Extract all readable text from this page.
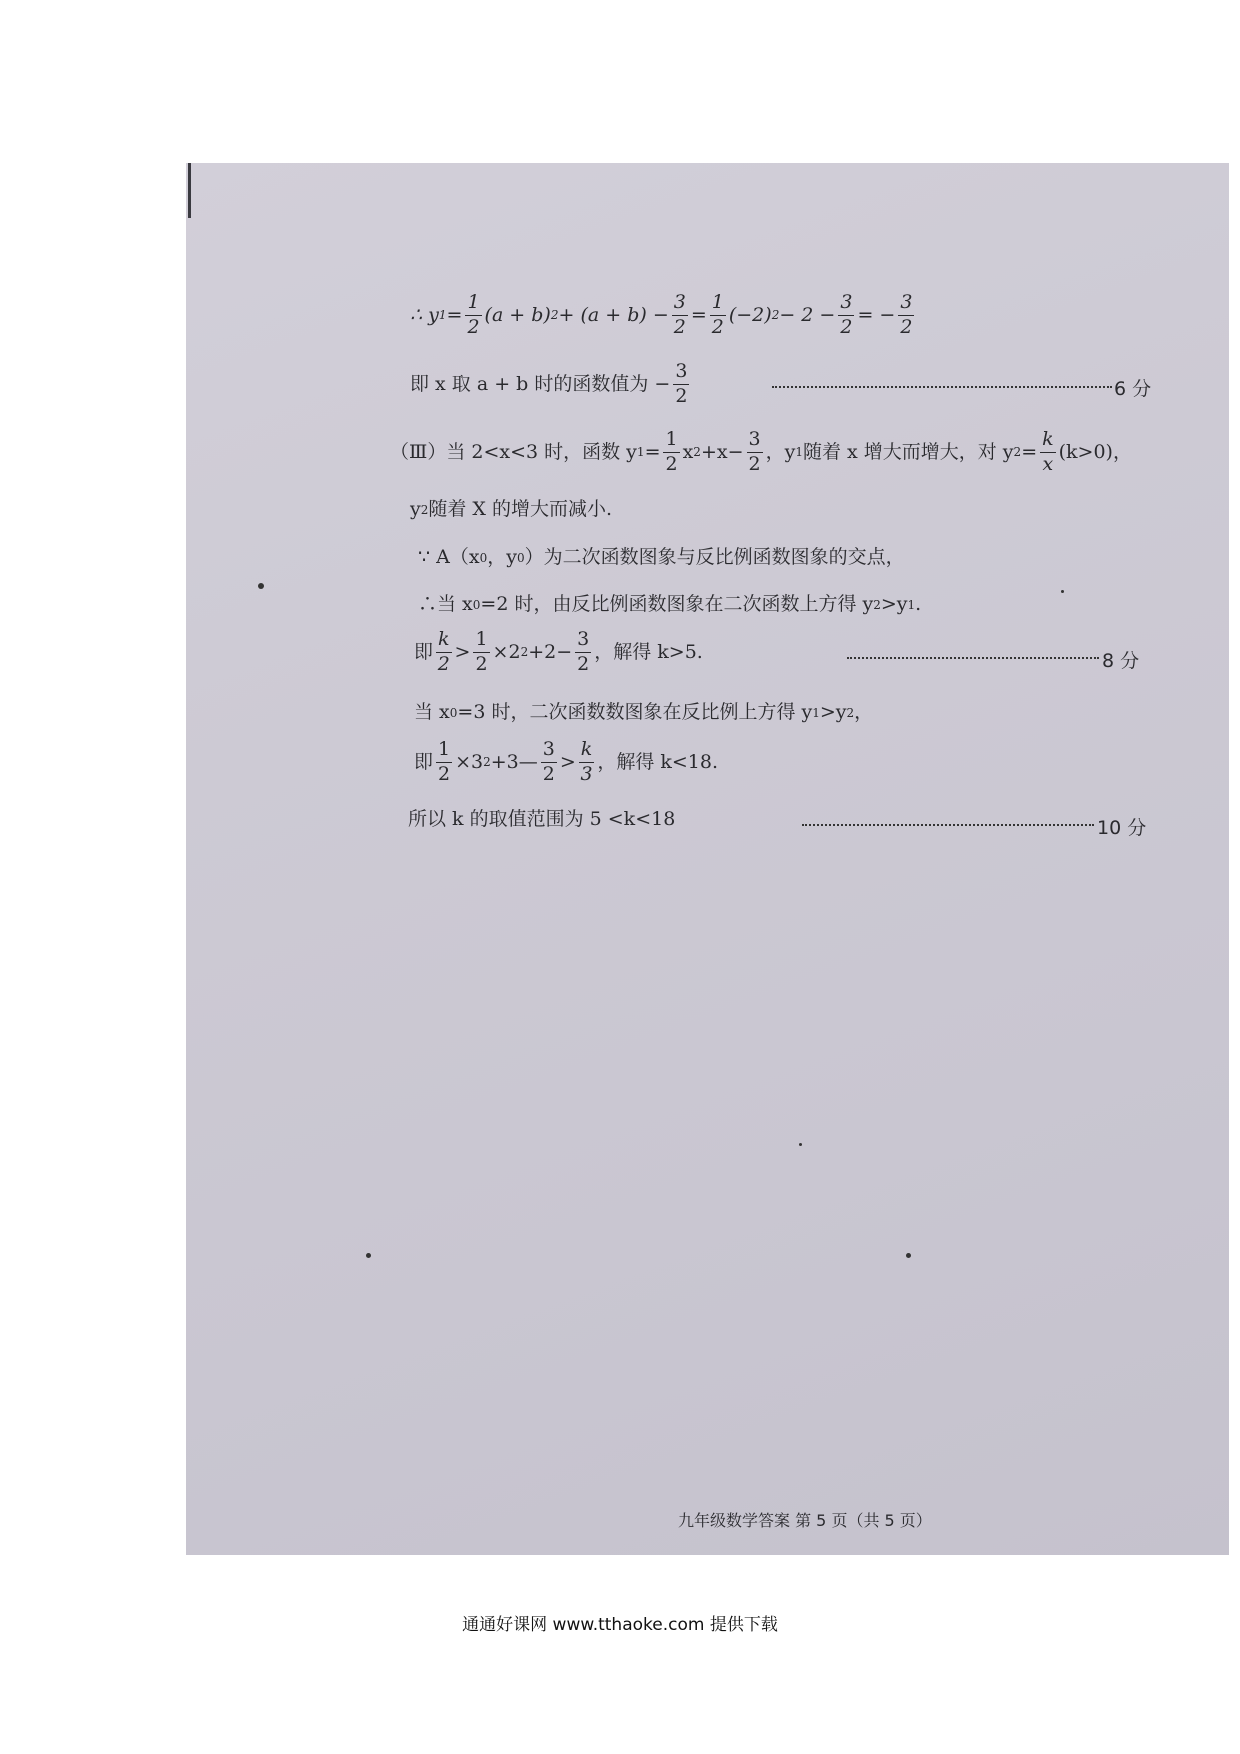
∴ y $1 = \frac{1}{2} (a + b) 2 + (a + b) - \frac{3}{2} = \frac{1}{2} (-2) 2 - 2 - \frac{3}{2}$ = − $\frac{3}{2}$
即 x 取 a + b 时的函数值为 − $\frac{3}{2}$	6 分
（Ⅲ）当 2<x<3 时，函数 y $1 = \frac{1}{2}$ x $2 +x- \frac{3}{2}$ ，y 1 随着 x 增大而增大，对 y $2 = \frac{k}{x} (k>0)$，
y 2 随着 X 的增大而减小.
∵ A（x 0 ，y 0 ）为二次函数图象与反比例函数图象的交点，
∴当 x 0 =2 时，由反比例函数图象在二次函数上方得 y 2 >y 1 .
即 $\frac{k}{2} > \frac{1}{2} \times 2$ $2 +2- \frac{3}{2}$ ，解得 k>5.	8 分
当 x 0 =3 时，二次函数数图象在反比例上方得 y 1 >y 2 ，
即 $\frac{1}{2} \times 3$ 2 +3— $\frac{3}{2} > \frac{k}{3}$ ，解得 k<18.
所以 k 的取值范围为 5 <k<18	10 分
九年级数学答案 第 5 页（共 5 页）
通通好课网 www.tthaoke.com 提供下载
